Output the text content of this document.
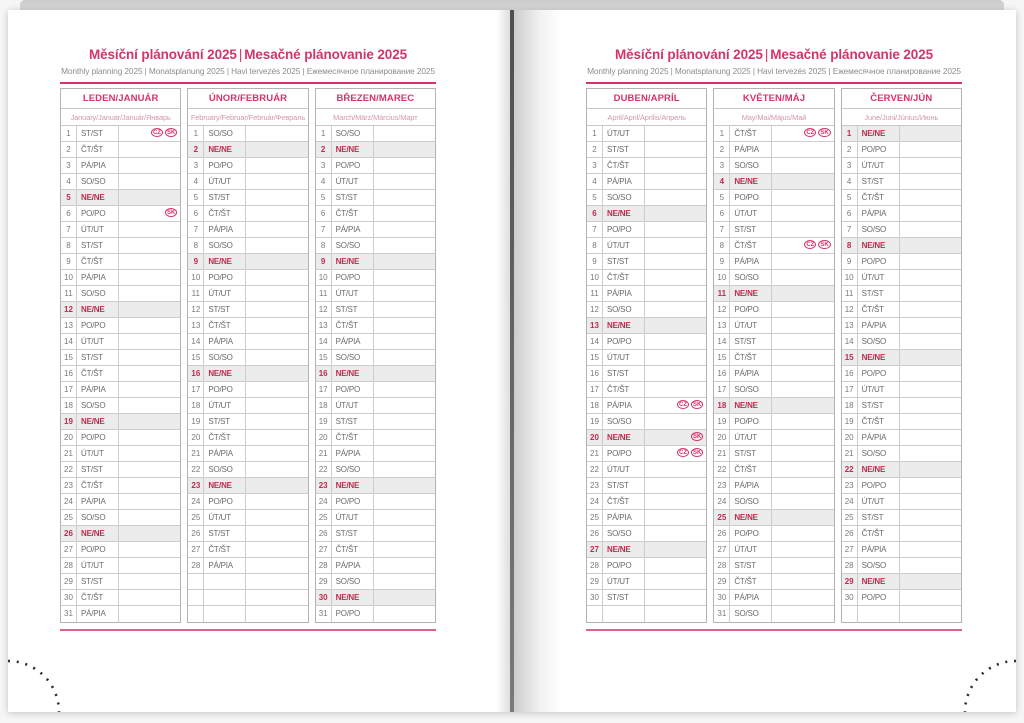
Měsíční plánování 2025 | Mesačné plánovanie 2025
Monthly planning 2025 | Monatsplanung 2025 | Havi tervezés 2025 | Ежемесячное планирование 2025
LEDEN/JANUÁR
January/Januar/Január/Январь
1	ST/ST	CZ SK
2	ČT/ŠT
3	PÁ/PIA
4	SO/SO
5	NE/NE
6	PO/PO	SK
7	ÚT/UT
8	ST/ST
9	ČT/ŠT
10	PÁ/PIA
11	SO/SO
12	NE/NE
13	PO/PO
14	ÚT/UT
15	ST/ST
16	ČT/ŠT
17	PÁ/PIA
18	SO/SO
19	NE/NE
20	PO/PO
21	ÚT/UT
22	ST/ST
23	ČT/ŠT
24	PÁ/PIA
25	SO/SO
26	NE/NE
27	PO/PO
28	ÚT/UT
29	ST/ST
30	ČT/ŠT
31	PÁ/PIA
ÚNOR/FEBRUÁR
February/Februar/Február/Февраль
1	SO/SO
2	NE/NE
3	PO/PO
4	ÚT/UT
5	ST/ST
6	ČT/ŠT
7	PÁ/PIA
8	SO/SO
9	NE/NE
10	PO/PO
11	ÚT/UT
12	ST/ST
13	ČT/ŠT
14	PÁ/PIA
15	SO/SO
16	NE/NE
17	PO/PO
18	ÚT/UT
19	ST/ST
20	ČT/ŠT
21	PÁ/PIA
22	SO/SO
23	NE/NE
24	PO/PO
25	ÚT/UT
26	ST/ST
27	ČT/ŠT
28	PÁ/PIA
BŘEZEN/MAREC
March/März/Március/Март
1	SO/SO
2	NE/NE
3	PO/PO
4	ÚT/UT
5	ST/ST
6	ČT/ŠT
7	PÁ/PIA
8	SO/SO
9	NE/NE
10	PO/PO
11	ÚT/UT
12	ST/ST
13	ČT/ŠT
14	PÁ/PIA
15	SO/SO
16	NE/NE
17	PO/PO
18	ÚT/UT
19	ST/ST
20	ČT/ŠT
21	PÁ/PIA
22	SO/SO
23	NE/NE
24	PO/PO
25	ÚT/UT
26	ST/ST
27	ČT/ŠT
28	PÁ/PIA
29	SO/SO
30	NE/NE
31	PO/PO
Měsíční plánování 2025 | Mesačné plánovanie 2025
Monthly planning 2025 | Monatsplanung 2025 | Havi tervezés 2025 | Ежемесячное планирование 2025
DUBEN/APRÍL
April/April/Április/Апрель
1	ÚT/UT
2	ST/ST
3	ČT/ŠT
4	PÁ/PIA
5	SO/SO
6	NE/NE
7	PO/PO
8	ÚT/UT
9	ST/ST
10	ČT/ŠT
11	PÁ/PIA
12	SO/SO
13	NE/NE
14	PO/PO
15	ÚT/UT
16	ST/ST
17	ČT/ŠT
18	PÁ/PIA	CZ SK
19	SO/SO
20	NE/NE	SK
21	PO/PO	CZ SK
22	ÚT/UT
23	ST/ST
24	ČT/ŠT
25	PÁ/PIA
26	SO/SO
27	NE/NE
28	PO/PO
29	ÚT/UT
30	ST/ST
KVĚTEN/MÁJ
May/Mai/Május/Май
1	ČT/ŠT	CZ SK
2	PÁ/PIA
3	SO/SO
4	NE/NE
5	PO/PO
6	ÚT/UT
7	ST/ST
8	ČT/ŠT	CZ SK
9	PÁ/PIA
10	SO/SO
11	NE/NE
12	PO/PO
13	ÚT/UT
14	ST/ST
15	ČT/ŠT
16	PÁ/PIA
17	SO/SO
18	NE/NE
19	PO/PO
20	ÚT/UT
21	ST/ST
22	ČT/ŠT
23	PÁ/PIA
24	SO/SO
25	NE/NE
26	PO/PO
27	ÚT/UT
28	ST/ST
29	ČT/ŠT
30	PÁ/PIA
31	SO/SO
ČERVEN/JÚN
June/Juni/Június/Июнь
1	NE/NE
2	PO/PO
3	ÚT/UT
4	ST/ST
5	ČT/ŠT
6	PÁ/PIA
7	SO/SO
8	NE/NE
9	PO/PO
10	ÚT/UT
11	ST/ST
12	ČT/ŠT
13	PÁ/PIA
14	SO/SO
15	NE/NE
16	PO/PO
17	ÚT/UT
18	ST/ST
19	ČT/ŠT
20	PÁ/PIA
21	SO/SO
22	NE/NE
23	PO/PO
24	ÚT/UT
25	ST/ST
26	ČT/ŠT
27	PÁ/PIA
28	SO/SO
29	NE/NE
30	PO/PO
